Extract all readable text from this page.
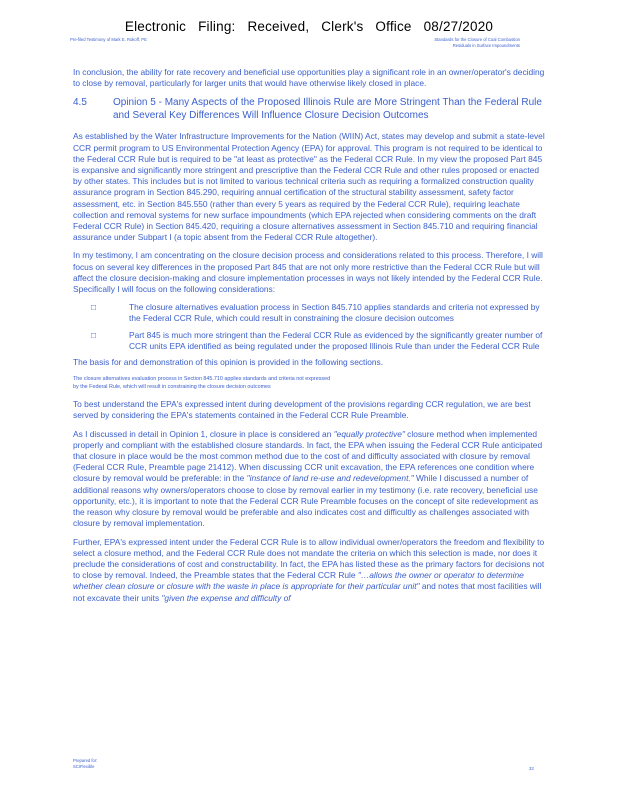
Electronic Filing: Received, Clerk's Office 08/27/2020
Pre-filed Testimony of Mark E. Rokoff, PE	Standards for the Closure of Coal Combustion
Residuals in Surface Impoundments

In conclusion, the ability for rate recovery and beneficial use opportunities play a significant role in an owner/operator's deciding to close by removal, particularly for larger units that would have otherwise likely closed in place.

4.5	Opinion 5 - Many Aspects of the Proposed Illinois Rule are More Stringent Than the Federal Rule and Several Key Differences Will Influence Closure Decision Outcomes

As established by the Water Infrastructure Improvements for the Nation (WIIN) Act, states may develop and submit a state-level CCR permit program to US Environmental Protection Agency (EPA) for approval. This program is not required to be identical to the Federal CCR Rule but is required to be "at least as protective" as the Federal CCR Rule. In my view the proposed Part 845 is expansive and significantly more stringent and prescriptive than the Federal CCR Rule and other rules proposed or enacted by other states. This includes but is not limited to various technical criteria such as requiring a formalized construction quality assurance program in Section 845.290, requiring annual certification of the structural stability assessment, safety factor assessment, etc. in Section 845.550 (rather than every 5 years as required by the Federal CCR Rule), requiring leachate collection and removal systems for new surface impoundments (which EPA rejected when considering comments on the draft Federal CCR Rule) in Section 845.420, requiring a closure alternatives assessment in Section 845.710 and requiring financial assurance under Subpart I (a topic absent from the Federal CCR Rule altogether).

In my testimony, I am concentrating on the closure decision process and considerations related to this process. Therefore, I will focus on several key differences in the proposed Part 845 that are not only more restrictive than the Federal CCR Rule but will affect the closure decision-making and closure implementation processes in ways not likely intended by the Federal CCR Rule. Specifically I will focus on the following considerations:

□	The closure alternatives evaluation process in Section 845.710 applies standards and criteria not expressed by the Federal CCR Rule, which could result in constraining the closure decision outcomes
□	Part 845 is much more stringent than the Federal CCR Rule as evidenced by the significantly greater number of CCR units EPA identified as being regulated under the proposed Illinois Rule than under the Federal CCR Rule

The basis for and demonstration of this opinion is provided in the following sections.

The closure alternatives evaluation process in Section 845.710 applies standards and criteria not expressed
by the Federal Rule, which will result in constraining the closure decision outcomes

To best understand the EPA's expressed intent during development of the provisions regarding CCR regulation, we are best served by considering the EPA's statements contained in the Federal CCR Rule Preamble.

As I discussed in detail in Opinion 1, closure in place is considered an "equally protective" closure method when implemented properly and compliant with the established closure standards. In fact, the EPA when issuing the Federal CCR Rule anticipated that closure in place would be the most common method due to the cost of and difficulty associated with closure by removal (Federal CCR Rule, Preamble page 21412). When discussing CCR unit excavation, the EPA references one condition where closure by removal would be preferable: in the "instance of land re-use and redevelopment." While I discussed a number of additional reasons why owners/operators choose to close by removal earlier in my testimony (i.e. rate recovery, beneficial use opportunity, etc.), it is important to note that the Federal CCR Rule Preamble focuses on the concept of site redevelopment as the reason why closure by removal would be preferable and also indicates cost and difficultly as challenges associated with closure by removal implementation.

Further, EPA's expressed intent under the Federal CCR Rule is to allow individual owner/operators the freedom and flexibility to select a closure method, and the Federal CCR Rule does not mandate the criteria on which this selection is made, nor does it preclude the considerations of cost and constructability. In fact, the EPA has listed these as the primary factors for decisions not to close by removal. Indeed, the Preamble states that the Federal CCR Rule "…allows the owner or operator to determine whether clean closure or closure with the waste in place is appropriate for their particular unit" and notes that most facilities will not excavate their units "given the expense and difficulty of

Prepared for:
SCIFlexible	33
